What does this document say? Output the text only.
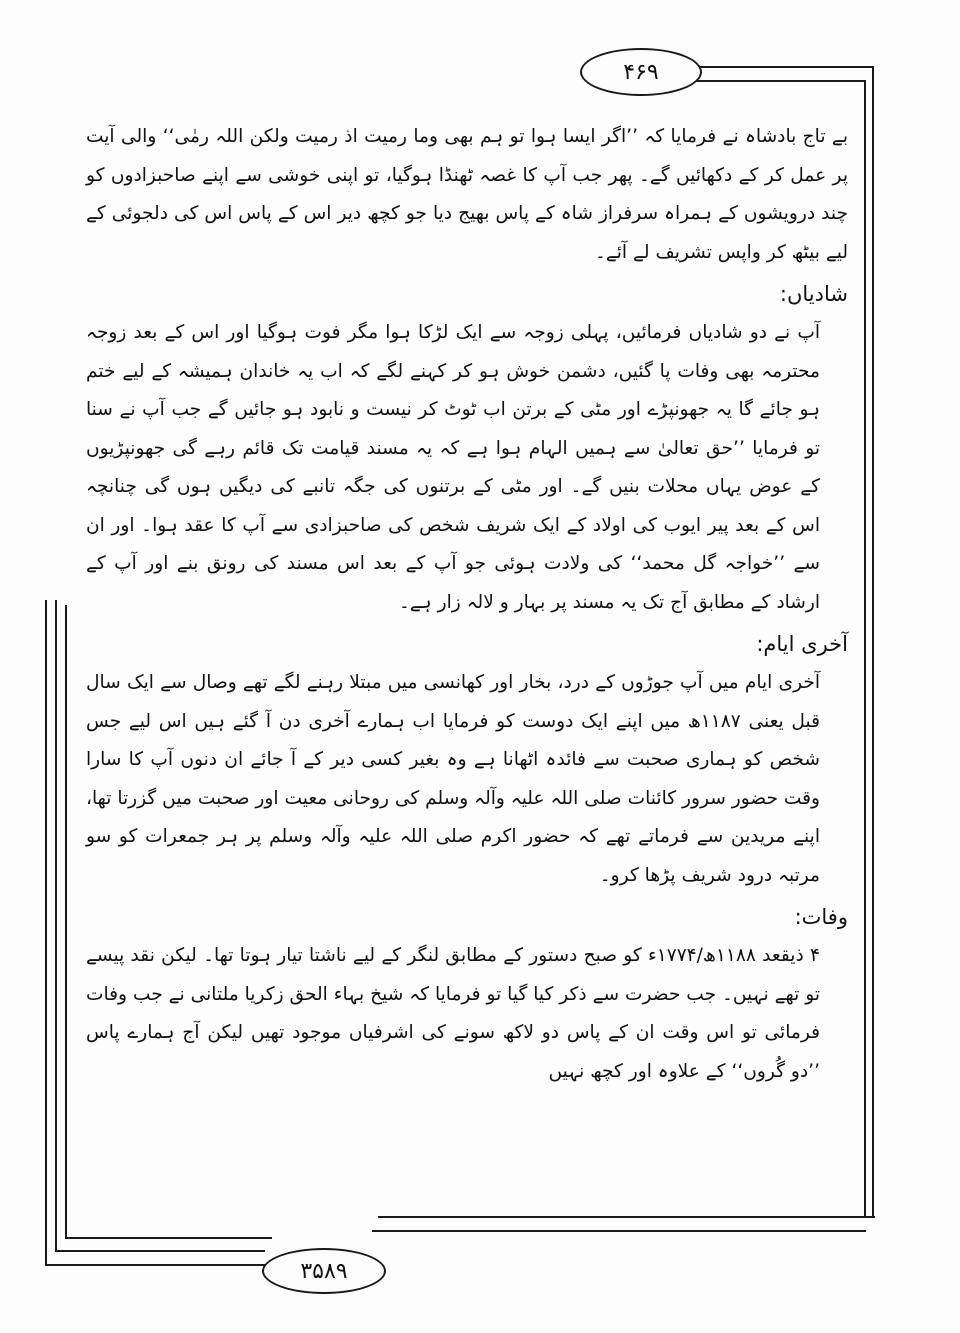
۴۶۹

بے تاج بادشاہ نے فرمایا کہ ’’اگر ایسا ہوا تو ہم بھی وما رمیت اذ رمیت ولکن اللہ رمٰی‘‘ والی آیت پر عمل کر کے دکھائیں گے۔ پھر جب آپ کا غصہ ٹھنڈا ہوگیا، تو اپنی خوشی سے اپنے صاحبزادوں کو چند درویشوں کے ہمراہ سرفراز شاہ کے پاس بھیج دیا جو کچھ دیر اس کے پاس اس کی دلجوئی کے لیے بیٹھ کر واپس تشریف لے آئے۔

شادیاں:

آپ نے دو شادیاں فرمائیں، پہلی زوجہ سے ایک لڑکا ہوا مگر فوت ہوگیا اور اس کے بعد زوجہ محترمہ بھی وفات پا گئیں، دشمن خوش ہو کر کہنے لگے کہ اب یہ خاندان ہمیشہ کے لیے ختم ہو جائے گا یہ جھونپڑے اور مٹی کے برتن اب ٹوٹ کر نیست و نابود ہو جائیں گے جب آپ نے سنا تو فرمایا ’’حق تعالیٰ سے ہمیں الہام ہوا ہے کہ یہ مسند قیامت تک قائم رہے گی جھونپڑیوں کے عوض یہاں محلات بنیں گے۔ اور مٹی کے برتنوں کی جگہ تانبے کی دیگیں ہوں گی چنانچہ اس کے بعد پیر ایوب کی اولاد کے ایک شریف شخص کی صاحبزادی سے آپ کا عقد ہوا۔ اور ان سے ’’خواجہ گل محمد‘‘ کی ولادت ہوئی جو آپ کے بعد اس مسند کی رونق بنے اور آپ کے ارشاد کے مطابق آج تک یہ مسند پر بہار و لالہ زار ہے۔

آخری ایام:

آخری ایام میں آپ جوڑوں کے درد، بخار اور کھانسی میں مبتلا رہنے لگے تھے وصال سے ایک سال قبل یعنی ۱۱۸۷ھ میں اپنے ایک دوست کو فرمایا اب ہمارے آخری دن آ گئے ہیں اس لیے جس شخص کو ہماری صحبت سے فائدہ اٹھانا ہے وہ بغیر کسی دیر کے آ جائے ان دنوں آپ کا سارا وقت حضور سرور کائنات صلی اللہ علیہ وآلہ وسلم کی روحانی معیت اور صحبت میں گزرتا تھا، اپنے مریدین سے فرماتے تھے کہ حضور اکرم صلی اللہ علیہ وآلہ وسلم پر ہر جمعرات کو سو مرتبہ درود شریف پڑھا کرو۔

وفات:

۴ ذیقعد ۱۱۸۸ھ/۱۷۷۴ء کو صبح دستور کے مطابق لنگر کے لیے ناشتا تیار ہوتا تھا۔ لیکن نقد پیسے تو تھے نہیں۔ جب حضرت سے ذکر کیا گیا تو فرمایا کہ شیخ بہاء الحق زکریا ملتانی نے جب وفات فرمائی تو اس وقت ان کے پاس دو لاکھ سونے کی اشرفیاں موجود تھیں لیکن آج ہمارے پاس ’’دو گُروں‘‘ کے علاوہ اور کچھ نہیں

۳۵۸۹
